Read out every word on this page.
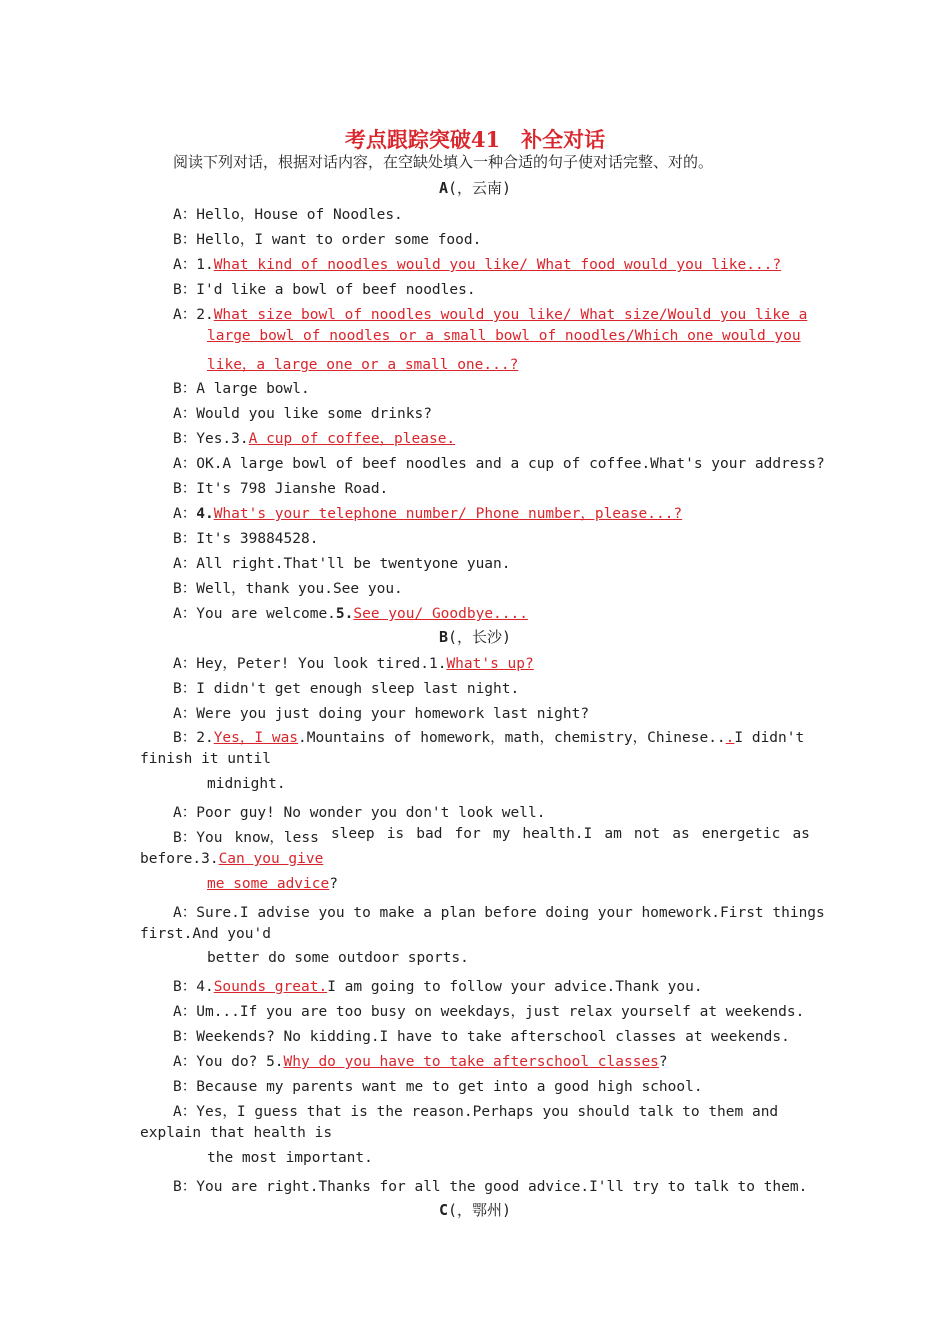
考点跟踪突破41　补全对话
阅读下列对话，根据对话内容，在空缺处填入一种合适的句子使对话完整、对的。
A(，云南)
A：Hello，House of Noodles.
B：Hello，I want to order some food.
A：1.What kind of noodles would you like/ What food would you like...?
B：I'd like a bowl of beef noodles.
A：2.What size bowl of noodles would you like/ What size/Would you like a
large bowl of noodles or a small bowl of noodles/Which one would you
like，a large one or a small one...?
B：A large bowl.
A：Would you like some drinks?
B：Yes.3.A cup of coffee，please.
A：OK.A large bowl of beef noodles and a cup of coffee.What's your address?
B：It's 798 Jianshe Road.
A：4.What's your telephone number/ Phone number，please...?
B：It's 39884528.
A：All right.That'll be twentyone yuan.
B：Well，thank you.See you.
A：You are welcome.5.See you/ Goodbye....
B(，长沙)
A：Hey，Peter! You look tired.1.What's up?
B：I didn't get enough sleep last night.
A：Were you just doing your homework last night?
B：2.Yes，I was.Mountains of homework，math，chemistry，Chinese...I didn't
finish it until
midnight.
A：Poor guy! No wonder you don't look well.
B：You know，less sleep is bad for my health.I am not as energetic as
before.3.Can you give
me some advice?
A：Sure.I advise you to make a plan before doing your homework.First things
first.And you'd
better do some outdoor sports.
B：4.Sounds great.I am going to follow your advice.Thank you.
A：Um...If you are too busy on weekdays，just relax yourself at weekends.
B：Weekends? No kidding.I have to take afterschool classes at weekends.
A：You do? 5.Why do you have to take afterschool classes?
B：Because my parents want me to get into a good high school.
A：Yes，I guess that is the reason.Perhaps you should talk to them and
explain that health is
the most important.
B：You are right.Thanks for all the good advice.I'll try to talk to them.
C(，鄂州)
